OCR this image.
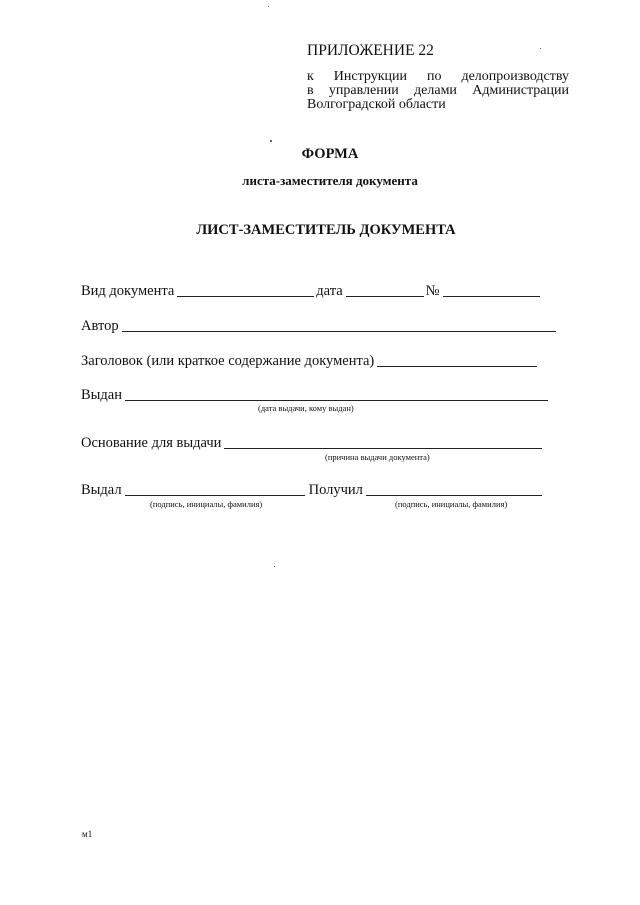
ПРИЛОЖЕНИЕ 22
к Инструкции по делопроизводству
в управлении делами Администрации
Волгоградской области
ФОРМА
листа-заместителя документа
ЛИСТ-ЗАМЕСТИТЕЛЬ ДОКУМЕНТА
Вид документа	дата	№
Автор
Заголовок (или краткое содержание документа)
Выдан
(дата выдачи, кому выдан)
Основание для выдачи
(причина выдачи документа)
Выдал	Получил
(подпись, инициалы, фамилия)	(подпись, инициалы, фамилия)
м1
